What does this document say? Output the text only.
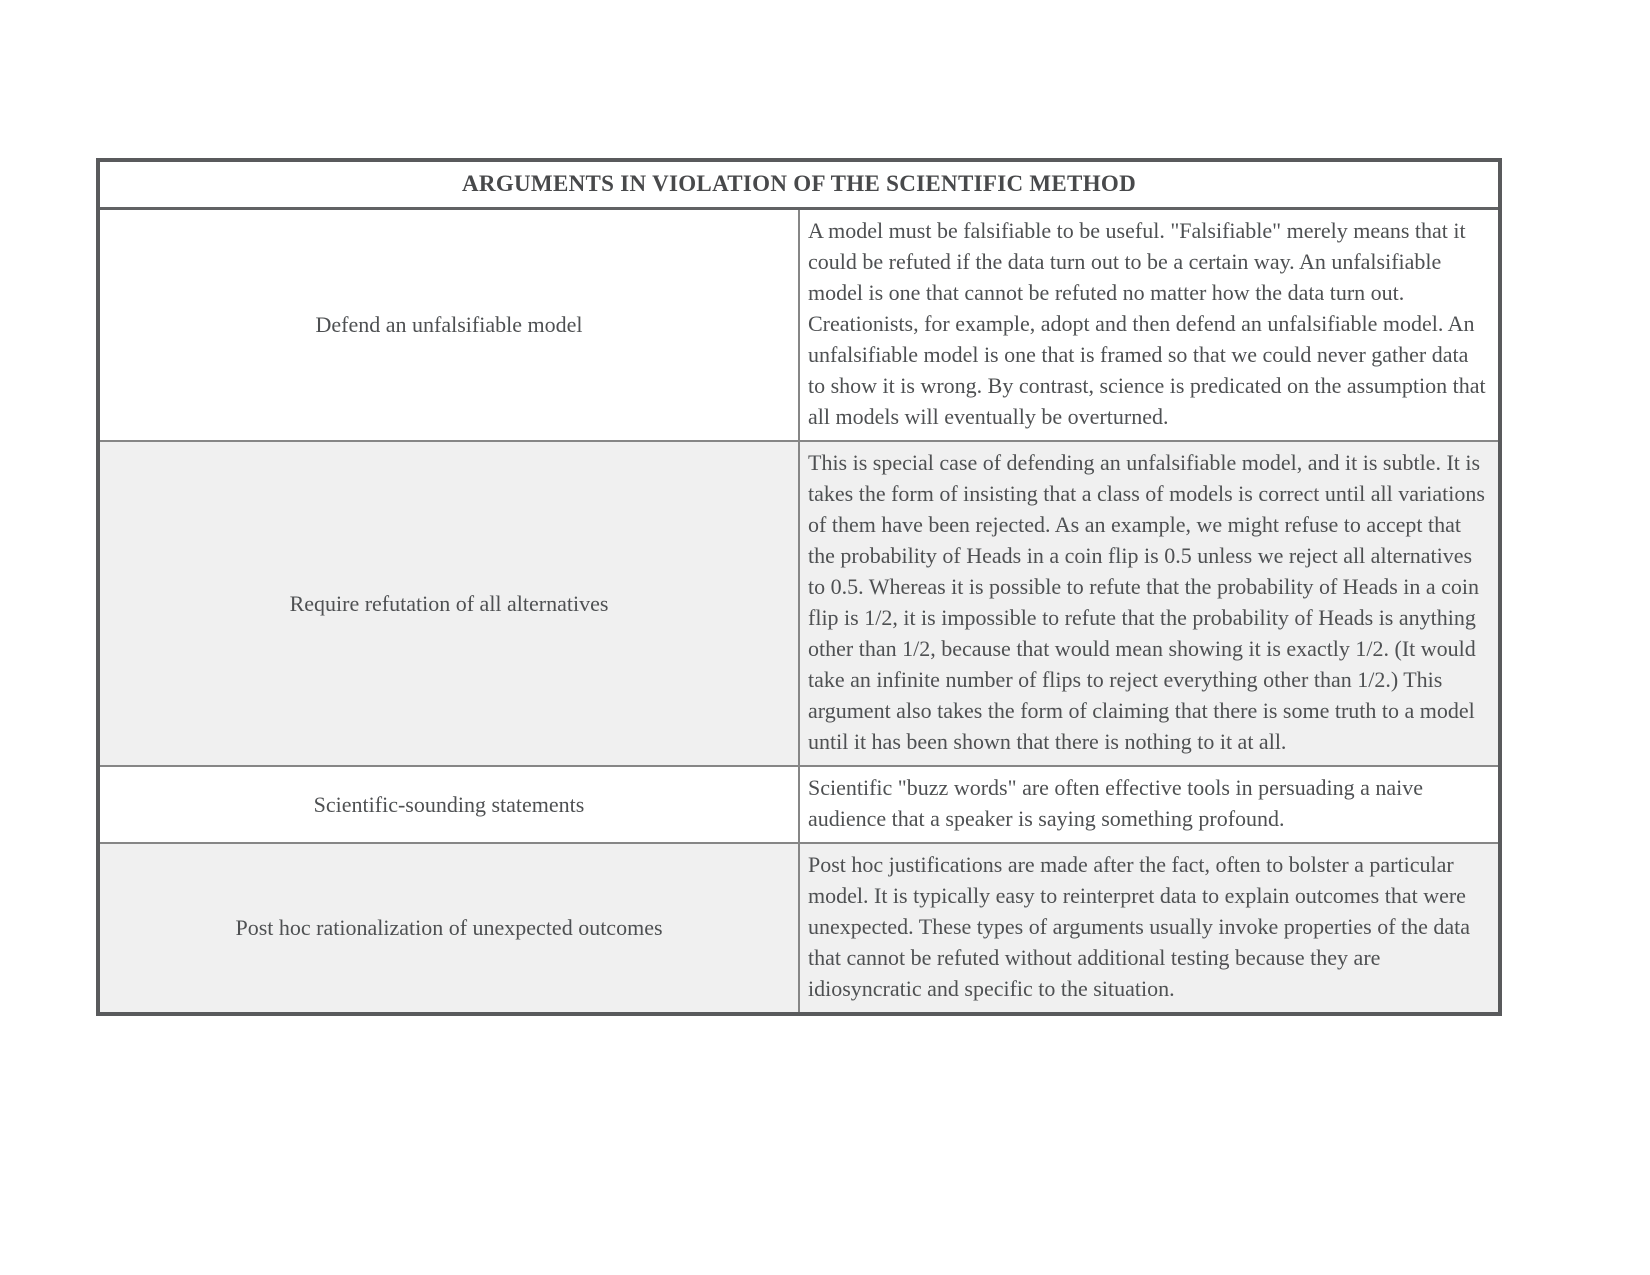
ARGUMENTS IN VIOLATION OF THE SCIENTIFIC METHOD	
Defend an unfalsifiable model	A model must be falsifiable to be useful. "Falsifiable" merely means that it could be refuted if the data turn out to be a certain way. An unfalsifiable model is one that cannot be refuted no matter how the data turn out. Creationists, for example, adopt and then defend an unfalsifiable model. An unfalsifiable model is one that is framed so that we could never gather data to show it is wrong. By contrast, science is predicated on the assumption that all models will eventually be overturned.
Require refutation of all alternatives	This is special case of defending an unfalsifiable model, and it is subtle. It is takes the form of insisting that a class of models is correct until all variations of them have been rejected. As an example, we might refuse to accept that the probability of Heads in a coin flip is 0.5 unless we reject all alternatives to 0.5. Whereas it is possible to refute that the probability of Heads in a coin flip is 1/2, it is impossible to refute that the probability of Heads is anything other than 1/2, because that would mean showing it is exactly 1/2. (It would take an infinite number of flips to reject everything other than 1/2.) This argument also takes the form of claiming that there is some truth to a model until it has been shown that there is nothing to it at all.
Scientific-sounding statements	Scientific "buzz words" are often effective tools in persuading a naive audience that a speaker is saying something profound.
Post hoc rationalization of unexpected outcomes	Post hoc justifications are made after the fact, often to bolster a particular model. It is typically easy to reinterpret data to explain outcomes that were unexpected. These types of arguments usually invoke properties of the data that cannot be refuted without additional testing because they are idiosyncratic and specific to the situation.
